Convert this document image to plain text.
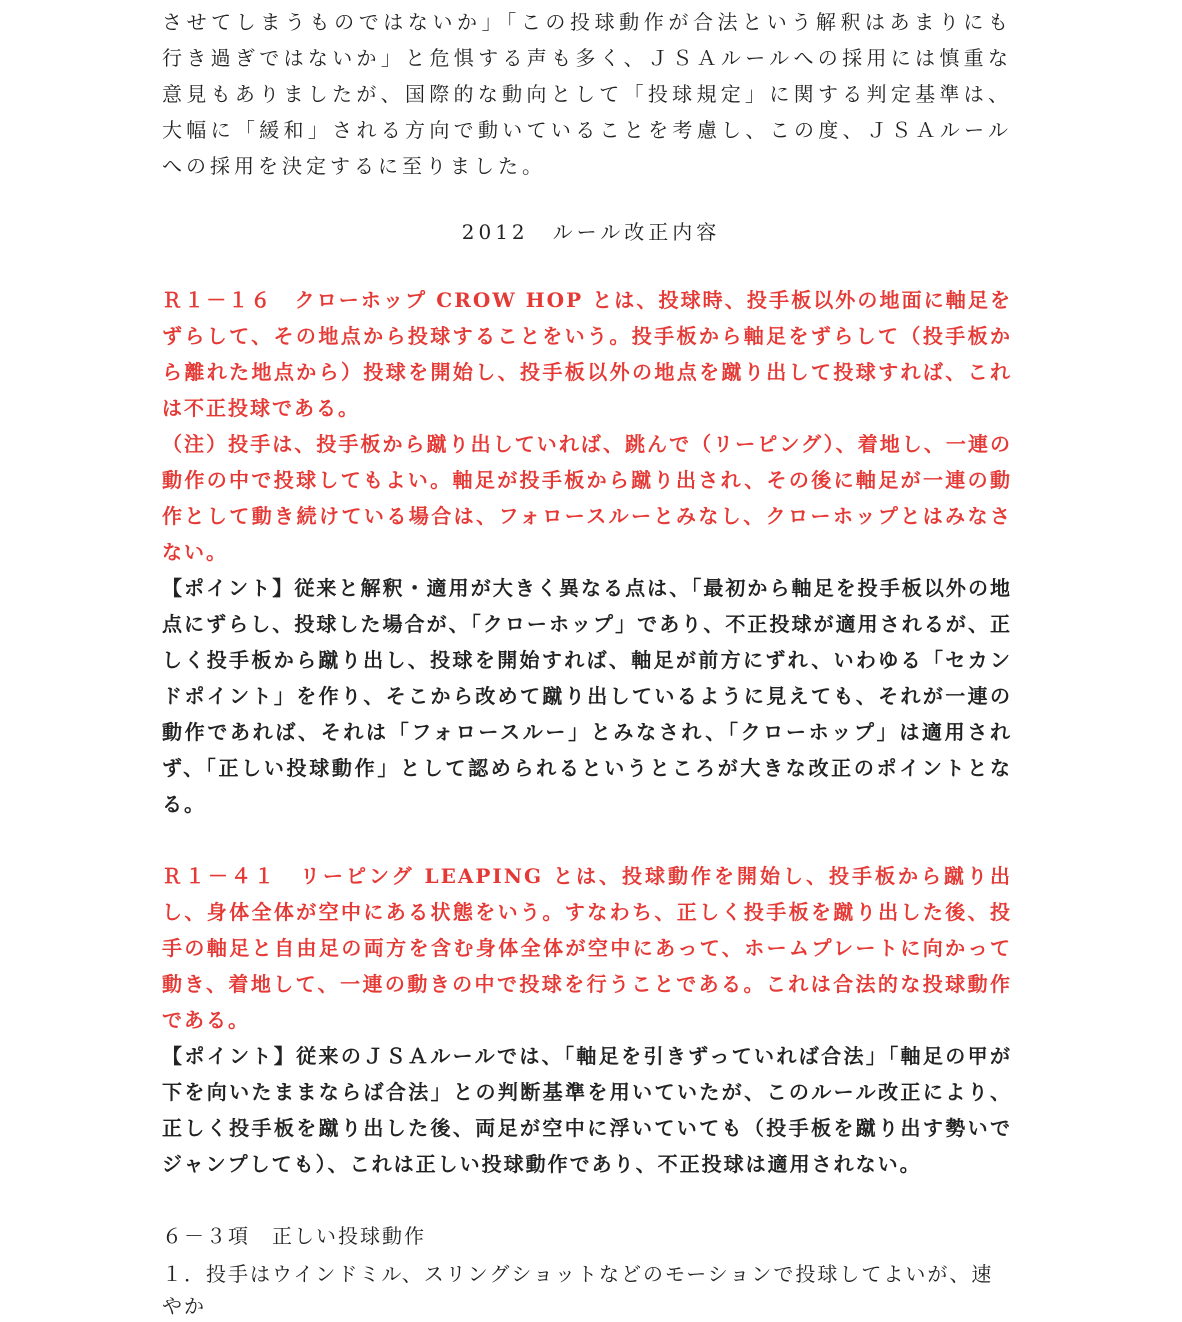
させてしまうものではないか」「この投球動作が合法という解釈はあまりにも行き過ぎではないか」と危惧する声も多く、ＪＳＡルールへの採用には慎重な意見もありましたが、国際的な動向として「投球規定」に関する判定基準は、大幅に「緩和」される方向で動いていることを考慮し、この度、ＪＳＡルールへの採用を決定するに至りました。

2012　ルール改正内容

Ｒ１－１６　クローホップ CROW HOP とは、投球時、投手板以外の地面に軸足をずらして、その地点から投球することをいう。投手板から軸足をずらして（投手板から離れた地点から）投球を開始し、投手板以外の地点を蹴り出して投球すれば、これは不正投球である。

（注）投手は、投手板から蹴り出していれば、跳んで（リーピング）、着地し、一連の動作の中で投球してもよい。軸足が投手板から蹴り出され、その後に軸足が一連の動作として動き続けている場合は、フォロースルーとみなし、クローホップとはみなさない。

【ポイント】従来と解釈・適用が大きく異なる点は、「最初から軸足を投手板以外の地点にずらし、投球した場合が、「クローホップ」であり、不正投球が適用されるが、正しく投手板から蹴り出し、投球を開始すれば、軸足が前方にずれ、いわゆる「セカンドポイント」を作り、そこから改めて蹴り出しているように見えても、それが一連の動作であれば、それは「フォロースルー」とみなされ、「クローホップ」は適用されず、「正しい投球動作」として認められるというところが大きな改正のポイントとなる。

Ｒ１－４１　リーピング LEAPING とは、投球動作を開始し、投手板から蹴り出し、身体全体が空中にある状態をいう。すなわち、正しく投手板を蹴り出した後、投手の軸足と自由足の両方を含む身体全体が空中にあって、ホームプレートに向かって動き、着地して、一連の動きの中で投球を行うことである。これは合法的な投球動作である。

【ポイント】従来のＪＳＡルールでは、「軸足を引きずっていれば合法」「軸足の甲が下を向いたままならば合法」との判断基準を用いていたが、このルール改正により、正しく投手板を蹴り出した後、両足が空中に浮いていても（投手板を蹴り出す勢いでジャンプしても）、これは正しい投球動作であり、不正投球は適用されない。

６－３項　正しい投球動作

１．投手はウインドミル、スリングショットなどのモーションで投球してよいが、速やか
